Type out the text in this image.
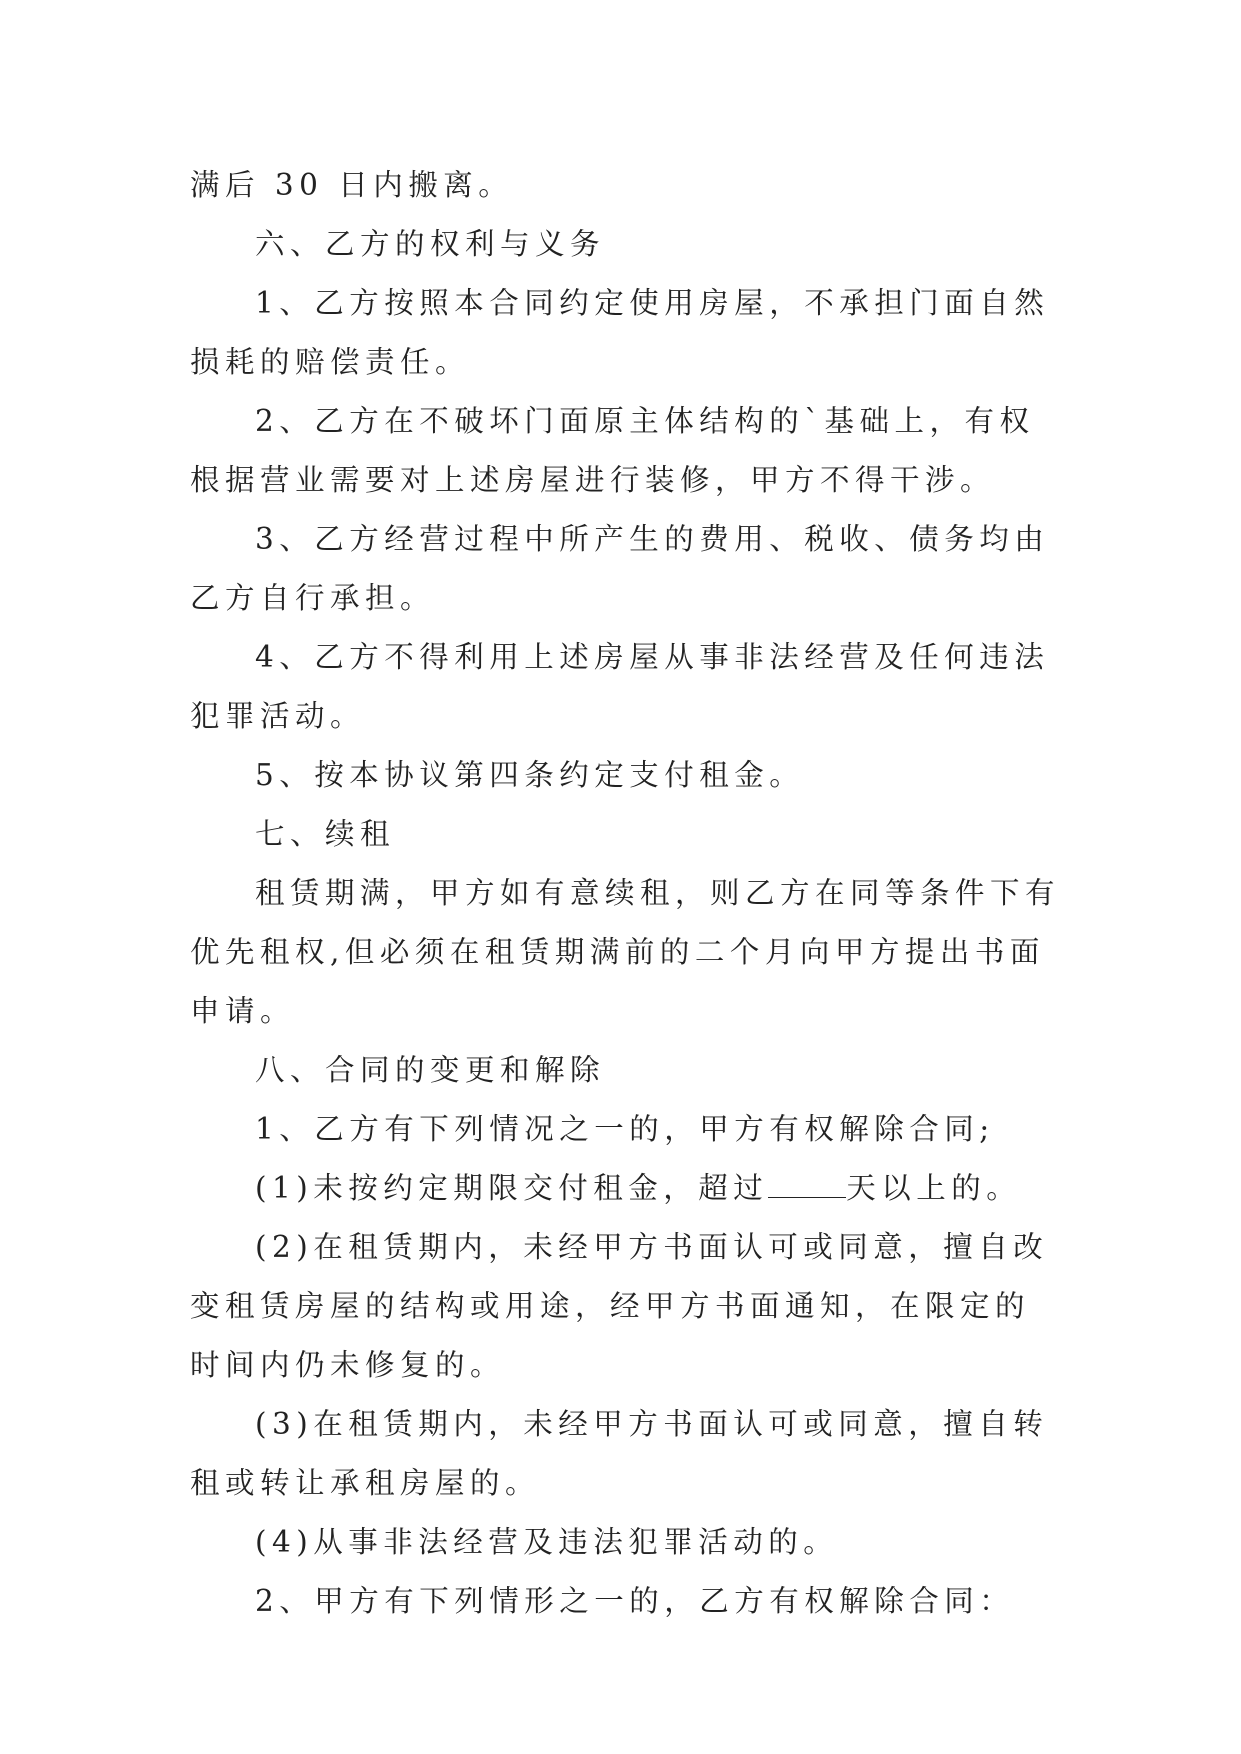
满后 30 日内搬离。

六、乙方的权利与义务

1、乙方按照本合同约定使用房屋，不承担门面自然损耗的赔偿责任。

2、乙方在不破坏门面原主体结构的`基础上，有权根据营业需要对上述房屋进行装修，甲方不得干涉。

3、乙方经营过程中所产生的费用、税收、债务均由乙方自行承担。

4、乙方不得利用上述房屋从事非法经营及任何违法犯罪活动。

5、按本协议第四条约定支付租金。

七、续租

租赁期满，甲方如有意续租，则乙方在同等条件下有优先租权,但必须在租赁期满前的二个月向甲方提出书面申请。

八、合同的变更和解除

1、乙方有下列情况之一的，甲方有权解除合同;

(1)未按约定期限交付租金，超过	天以上的。

(2)在租赁期内，未经甲方书面认可或同意，擅自改变租赁房屋的结构或用途，经甲方书面通知，在限定的时间内仍未修复的。

(3)在租赁期内，未经甲方书面认可或同意，擅自转租或转让承租房屋的。

(4)从事非法经营及违法犯罪活动的。

2、甲方有下列情形之一的，乙方有权解除合同：
